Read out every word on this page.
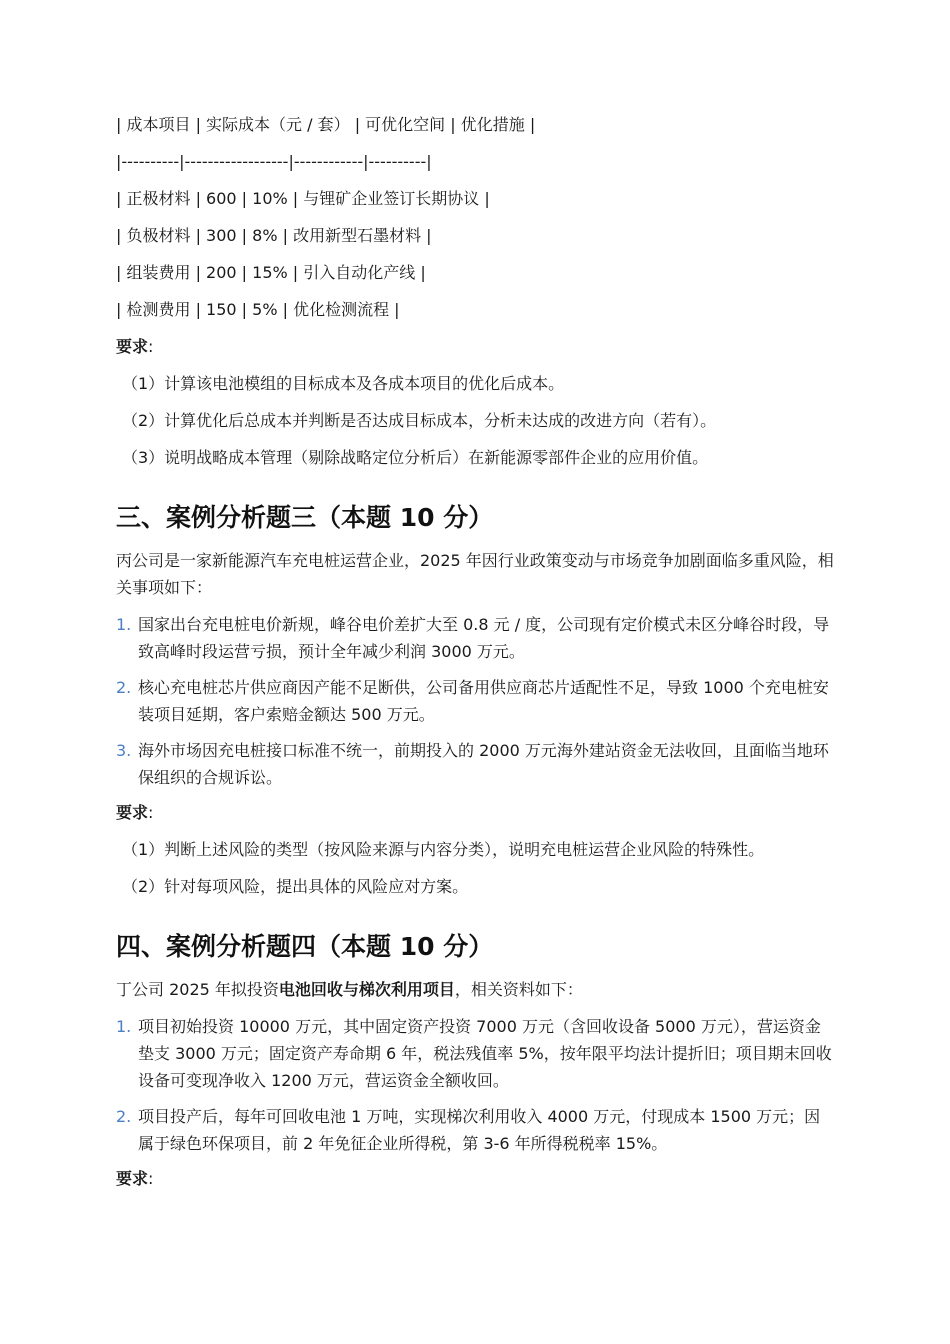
| 成本项目 | 实际成本（元 / 套） | 可优化空间 | 优化措施 |

|----------|------------------|------------|----------|

| 正极材料 | 600 | 10% | 与锂矿企业签订长期协议 |

| 负极材料 | 300 | 8% | 改用新型石墨材料 |

| 组装费用 | 200 | 15% | 引入自动化产线 |

| 检测费用 | 150 | 5% | 优化检测流程 |

要求:

（1）计算该电池模组的目标成本及各成本项目的优化后成本。

（2）计算优化后总成本并判断是否达成目标成本，分析未达成的改进方向（若有）。

（3）说明战略成本管理（剔除战略定位分析后）在新能源零部件企业的应用价值。

三、案例分析题三（本题 10 分）

丙公司是一家新能源汽车充电桩运营企业，2025 年因行业政策变动与市场竞争加剧面临多重风险，相关事项如下：

1. 国家出台充电桩电价新规，峰谷电价差扩大至 0.8 元 / 度，公司现有定价模式未区分峰谷时段，导致高峰时段运营亏损，预计全年减少利润 3000 万元。
2. 核心充电桩芯片供应商因产能不足断供，公司备用供应商芯片适配性不足，导致 1000 个充电桩安装项目延期，客户索赔金额达 500 万元。
3. 海外市场因充电桩接口标准不统一，前期投入的 2000 万元海外建站资金无法收回，且面临当地环保组织的合规诉讼。

要求:

（1）判断上述风险的类型（按风险来源与内容分类），说明充电桩运营企业风险的特殊性。

（2）针对每项风险，提出具体的风险应对方案。

四、案例分析题四（本题 10 分）

丁公司 2025 年拟投资电池回收与梯次利用项目，相关资料如下：

1. 项目初始投资 10000 万元，其中固定资产投资 7000 万元（含回收设备 5000 万元），营运资金垫支 3000 万元；固定资产寿命期 6 年，税法残值率 5%，按年限平均法计提折旧；项目期末回收设备可变现净收入 1200 万元，营运资金全额收回。
2. 项目投产后，每年可回收电池 1 万吨，实现梯次利用收入 4000 万元，付现成本 1500 万元；因属于绿色环保项目，前 2 年免征企业所得税，第 3-6 年所得税税率 15%。

要求:
